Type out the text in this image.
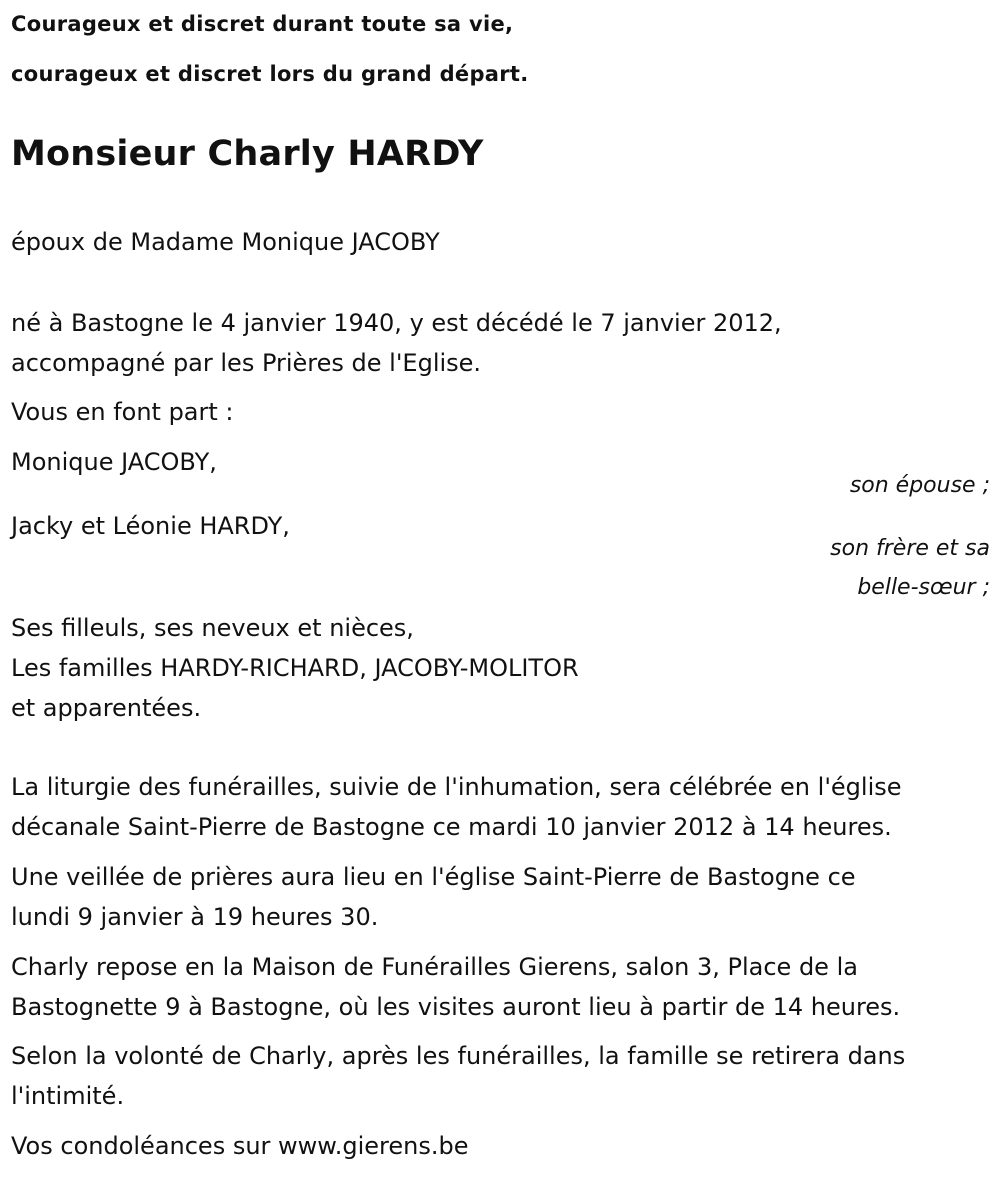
Courageux et discret durant toute sa vie,
courageux et discret lors du grand départ.
Monsieur Charly HARDY
époux de Madame Monique JACOBY
né à Bastogne le 4 janvier 1940, y est décédé le 7 janvier 2012,
accompagné par les Prières de l'Eglise.
Vous en font part :
Monique JACOBY,
son épouse ;
Jacky et Léonie HARDY,
son frère et sa
belle-sœur ;
Ses filleuls, ses neveux et nièces,
Les familles HARDY-RICHARD, JACOBY-MOLITOR
et apparentées.
La liturgie des funérailles, suivie de l'inhumation, sera célébrée en l'église
décanale Saint-Pierre de Bastogne ce mardi 10 janvier 2012 à 14 heures.
Une veillée de prières aura lieu en l'église Saint-Pierre de Bastogne ce
lundi 9 janvier à 19 heures 30.
Charly repose en la Maison de Funérailles Gierens, salon 3, Place de la
Bastognette 9 à Bastogne, où les visites auront lieu à partir de 14 heures.
Selon la volonté de Charly, après les funérailles, la famille se retirera dans
l'intimité.
Vos condoléances sur www.gierens.be
